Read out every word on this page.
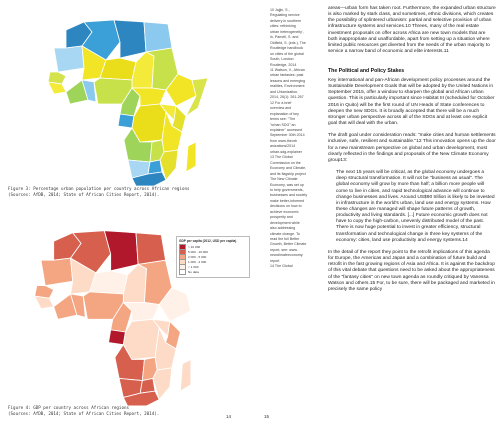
Figure 3: Percentage urban population per country across African regions
(Sources: AfDB, 2014; State of African Cities Report, 2014).
GDP per capita (2012, USD per capita)
> 10 000
5 000 - 10 000
2 000 - 5 000
1 000 - 2 000
< 1 000
No data
Figure 4: GDP per country across African regions
(Sources: AfDB, 2014; State of African Cities Report, 2014).
14
10 Jajjin, S.,
Regulating service
delivery in southern
cities: rethinking
urban heterogeneity',
in, Parnell, S. and
Oldfield, S. (eds.), The
Routledge handbook
on cities of the global
South, London:
Routledge, 2014
11 Watson, V., African
urban fantasies: past
lessons and emerging
realities, Environment
and Urbanization,
2014, 26(1): 261-267
12 For a brief
overview and
explanation of key
terms see: "The
"urban SDG" an
explainer" accessed
September 30th 2014
from www.theurb
anizations/2014
urban-sdg-explainer
13 The Global
Commission on the
Economy and Climate,
and its flagship project
The New Climate
Economy, was set up
to help governments,
businesses and society
make better-informed
decisions on how to
achieve economic
prosperity and
development while
also addressing
climate change. To
read the full Better
Growth, Better Climate
report, see: www.
newclimateeconomy.
report
14 The Global

areas—urban form has taken root. Furthermore, the expanded urban structure is also marked by stark class, and sometimes, ethnic divisions, which creates the possibility of splintered urbanism: partial and selective provision of urban infrastructure systems and services.10 Threes, many of the real estate investment proposals on offer across Africa are new town models that are both inappropriate and unaffordable, apart from setting up a situation where limited public resources get diverted from the needs of the urban majority to service a narrow band of economic and elite interests.11

The Political and Policy Stakes

Key international and pan-African development policy processes around the Sustainable Development Goals that will be adopted by the United Nations in September 2015, offer a window to sharpen the global and African urban question. This is particularly important since Habitat III (scheduled for October 2016 in Quito) will be the first round of UN Heads of State conferences to deepen the new SDGs. It is broadly accepted that there will be a much stronger urban perspective across all of the SDGs and at least one explicit goal that will deal with the urban.

The draft goal under consideration reads: "make cities and human settlements inclusive, safe, resilient and sustainable."12 This innovation opens up the door for a new mainstream perspective on global and urban development, most clearly reflected in the findings and proposals of the New Climate Economy group13:

The next 15 years will be critical, as the global economy undergoes a deep structural transformation. It will not be "business as usual". The global economy will grow by more than half; a billion more people will come to live in cities, and rapid technological advance will continue to change businesses and lives. Around US$90 trillion is likely to be invested in infrastructure in the world's urban, land use and energy systems. How these changes are managed will shape future patterns of growth, productivity and living standards. [...] Future economic growth does not have to copy the high-carbon, unevenly distributed model of the past. There is now huge potential to invest in greater efficiency, structural transformation and technological change in three key systems of the economy: cities, land use productivity and energy systems.14

In the detail of the report they point to the retrofit implications of this agenda for Europe, the Americas and Japan and a combination of future build and retrofit in the fast growing regions of Asia and Africa. It is against the backdrop of this vital debate that questions need to be asked about the appropriateness of the "fantasy cities" on new town agenda as roundly critiqued by Vanessa Watson and others.15 For, to be sure, there will be packaged and marketed in precisely the same policy

15
